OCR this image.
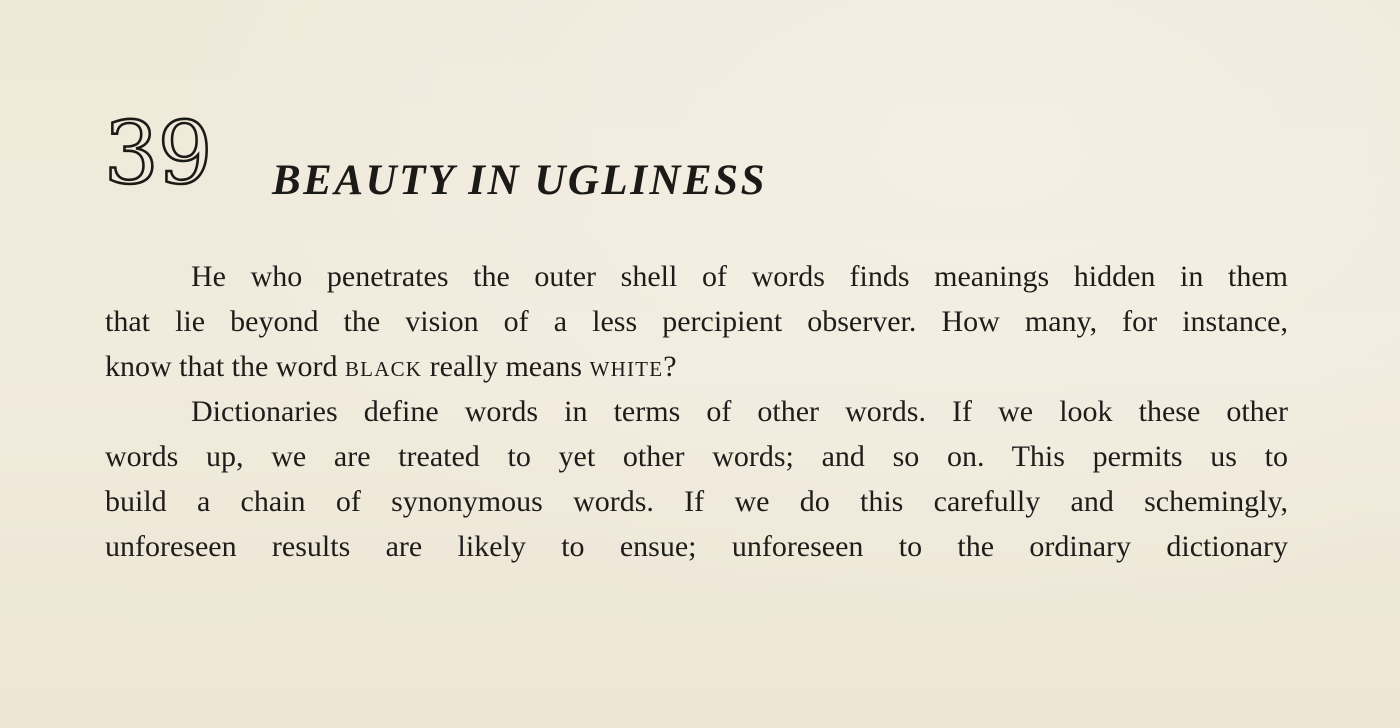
39 BEAUTY IN UGLINESS

He who penetrates the outer shell of words finds meanings hidden in them
that lie beyond the vision of a less percipient observer. How many, for instance,
know that the word black really means white?

Dictionaries define words in terms of other words. If we look these other
words up, we are treated to yet other words; and so on. This permits us to
build a chain of synonymous words. If we do this carefully and schemingly,
unforeseen results are likely to ensue; unforeseen to the ordinary dictionary
